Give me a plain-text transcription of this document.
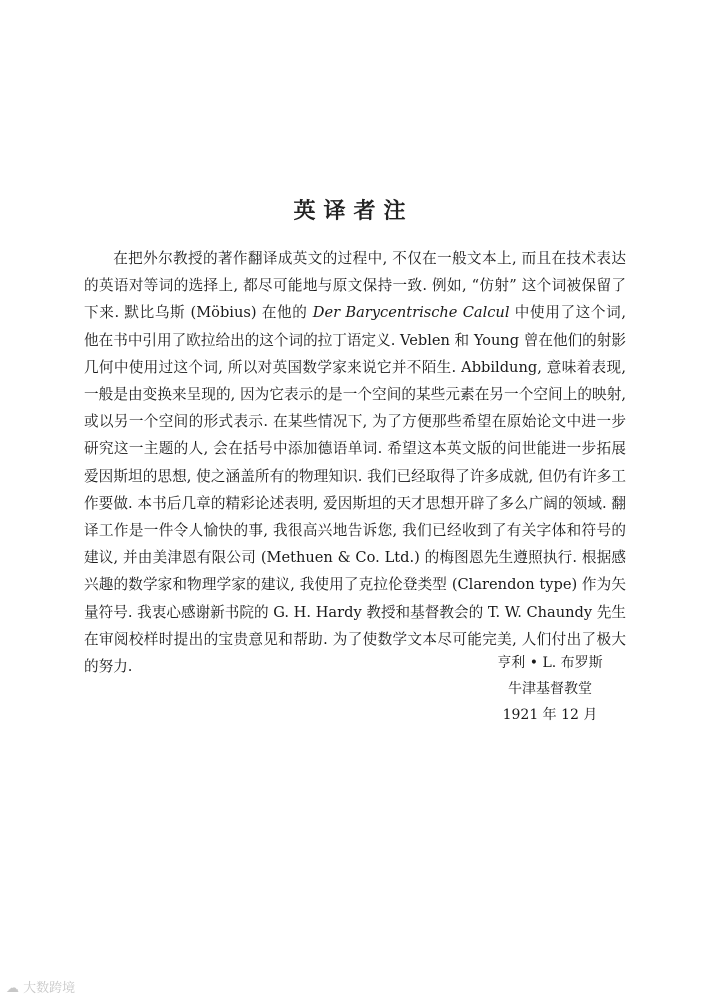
英译者注

在把外尔教授的著作翻译成英文的过程中, 不仅在一般文本上, 而且在技术表达的英语对等词的选择上, 都尽可能地与原文保持一致. 例如, “仿射” 这个词被保留了下来. 默比乌斯 (Möbius) 在他的 Der Barycentrische Calcul 中使用了这个词, 他在书中引用了欧拉给出的这个词的拉丁语定义. Veblen 和 Young 曾在他们的射影几何中使用过这个词, 所以对英国数学家来说它并不陌生. Abbildung, 意味着表现, 一般是由变换来呈现的, 因为它表示的是一个空间的某些元素在另一个空间上的映射, 或以另一个空间的形式表示. 在某些情况下, 为了方便那些希望在原始论文中进一步研究这一主题的人, 会在括号中添加德语单词. 希望这本英文版的问世能进一步拓展爱因斯坦的思想, 使之涵盖所有的物理知识. 我们已经取得了许多成就, 但仍有许多工作要做. 本书后几章的精彩论述表明, 爱因斯坦的天才思想开辟了多么广阔的领域. 翻译工作是一件令人愉快的事, 我很高兴地告诉您, 我们已经收到了有关字体和符号的建议, 并由美津恩有限公司 (Methuen & Co. Ltd.) 的梅图恩先生遵照执行. 根据感兴趣的数学家和物理学家的建议, 我使用了克拉伦登类型 (Clarendon type) 作为矢量符号. 我衷心感谢新书院的 G. H. Hardy 教授和基督教会的 T. W. Chaundy 先生在审阅校样时提出的宝贵意见和帮助. 为了使数学文本尽可能完美, 人们付出了极大的努力.	亨利 • L. 布罗斯
牛津基督教堂
1921 年 12 月
☁ 大数跨境
